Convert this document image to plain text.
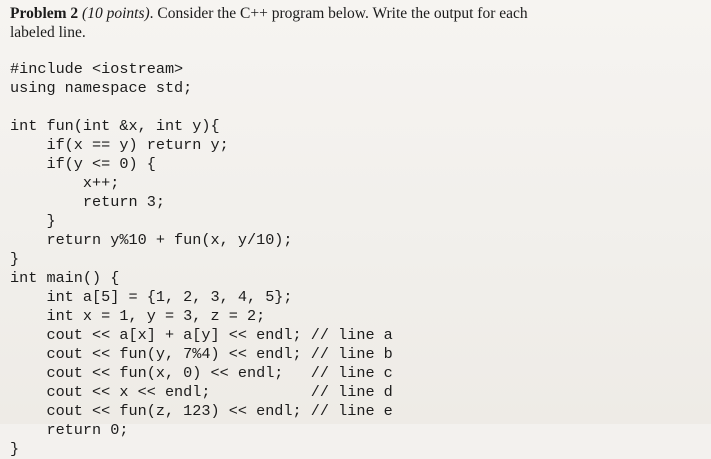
Problem 2 (10 points). Consider the C++ program below. Write the output for each
labeled line.
#include <iostream>
using namespace std;
int fun(int &x, int y){
if(x == y) return y;
if(y <= 0) {
x++;
return 3;
}
return y%10 + fun(x, y/10);
}
int main() {
int a[5] = {1, 2, 3, 4, 5};
int x = 1, y = 3, z = 2;
cout << a[x] + a[y] << endl; // line a
cout << fun(y, 7%4) << endl; // line b
cout << fun(x, 0) << endl;   // line c
cout << x << endl;           // line d
cout << fun(z, 123) << endl; // line e
return 0;
}
